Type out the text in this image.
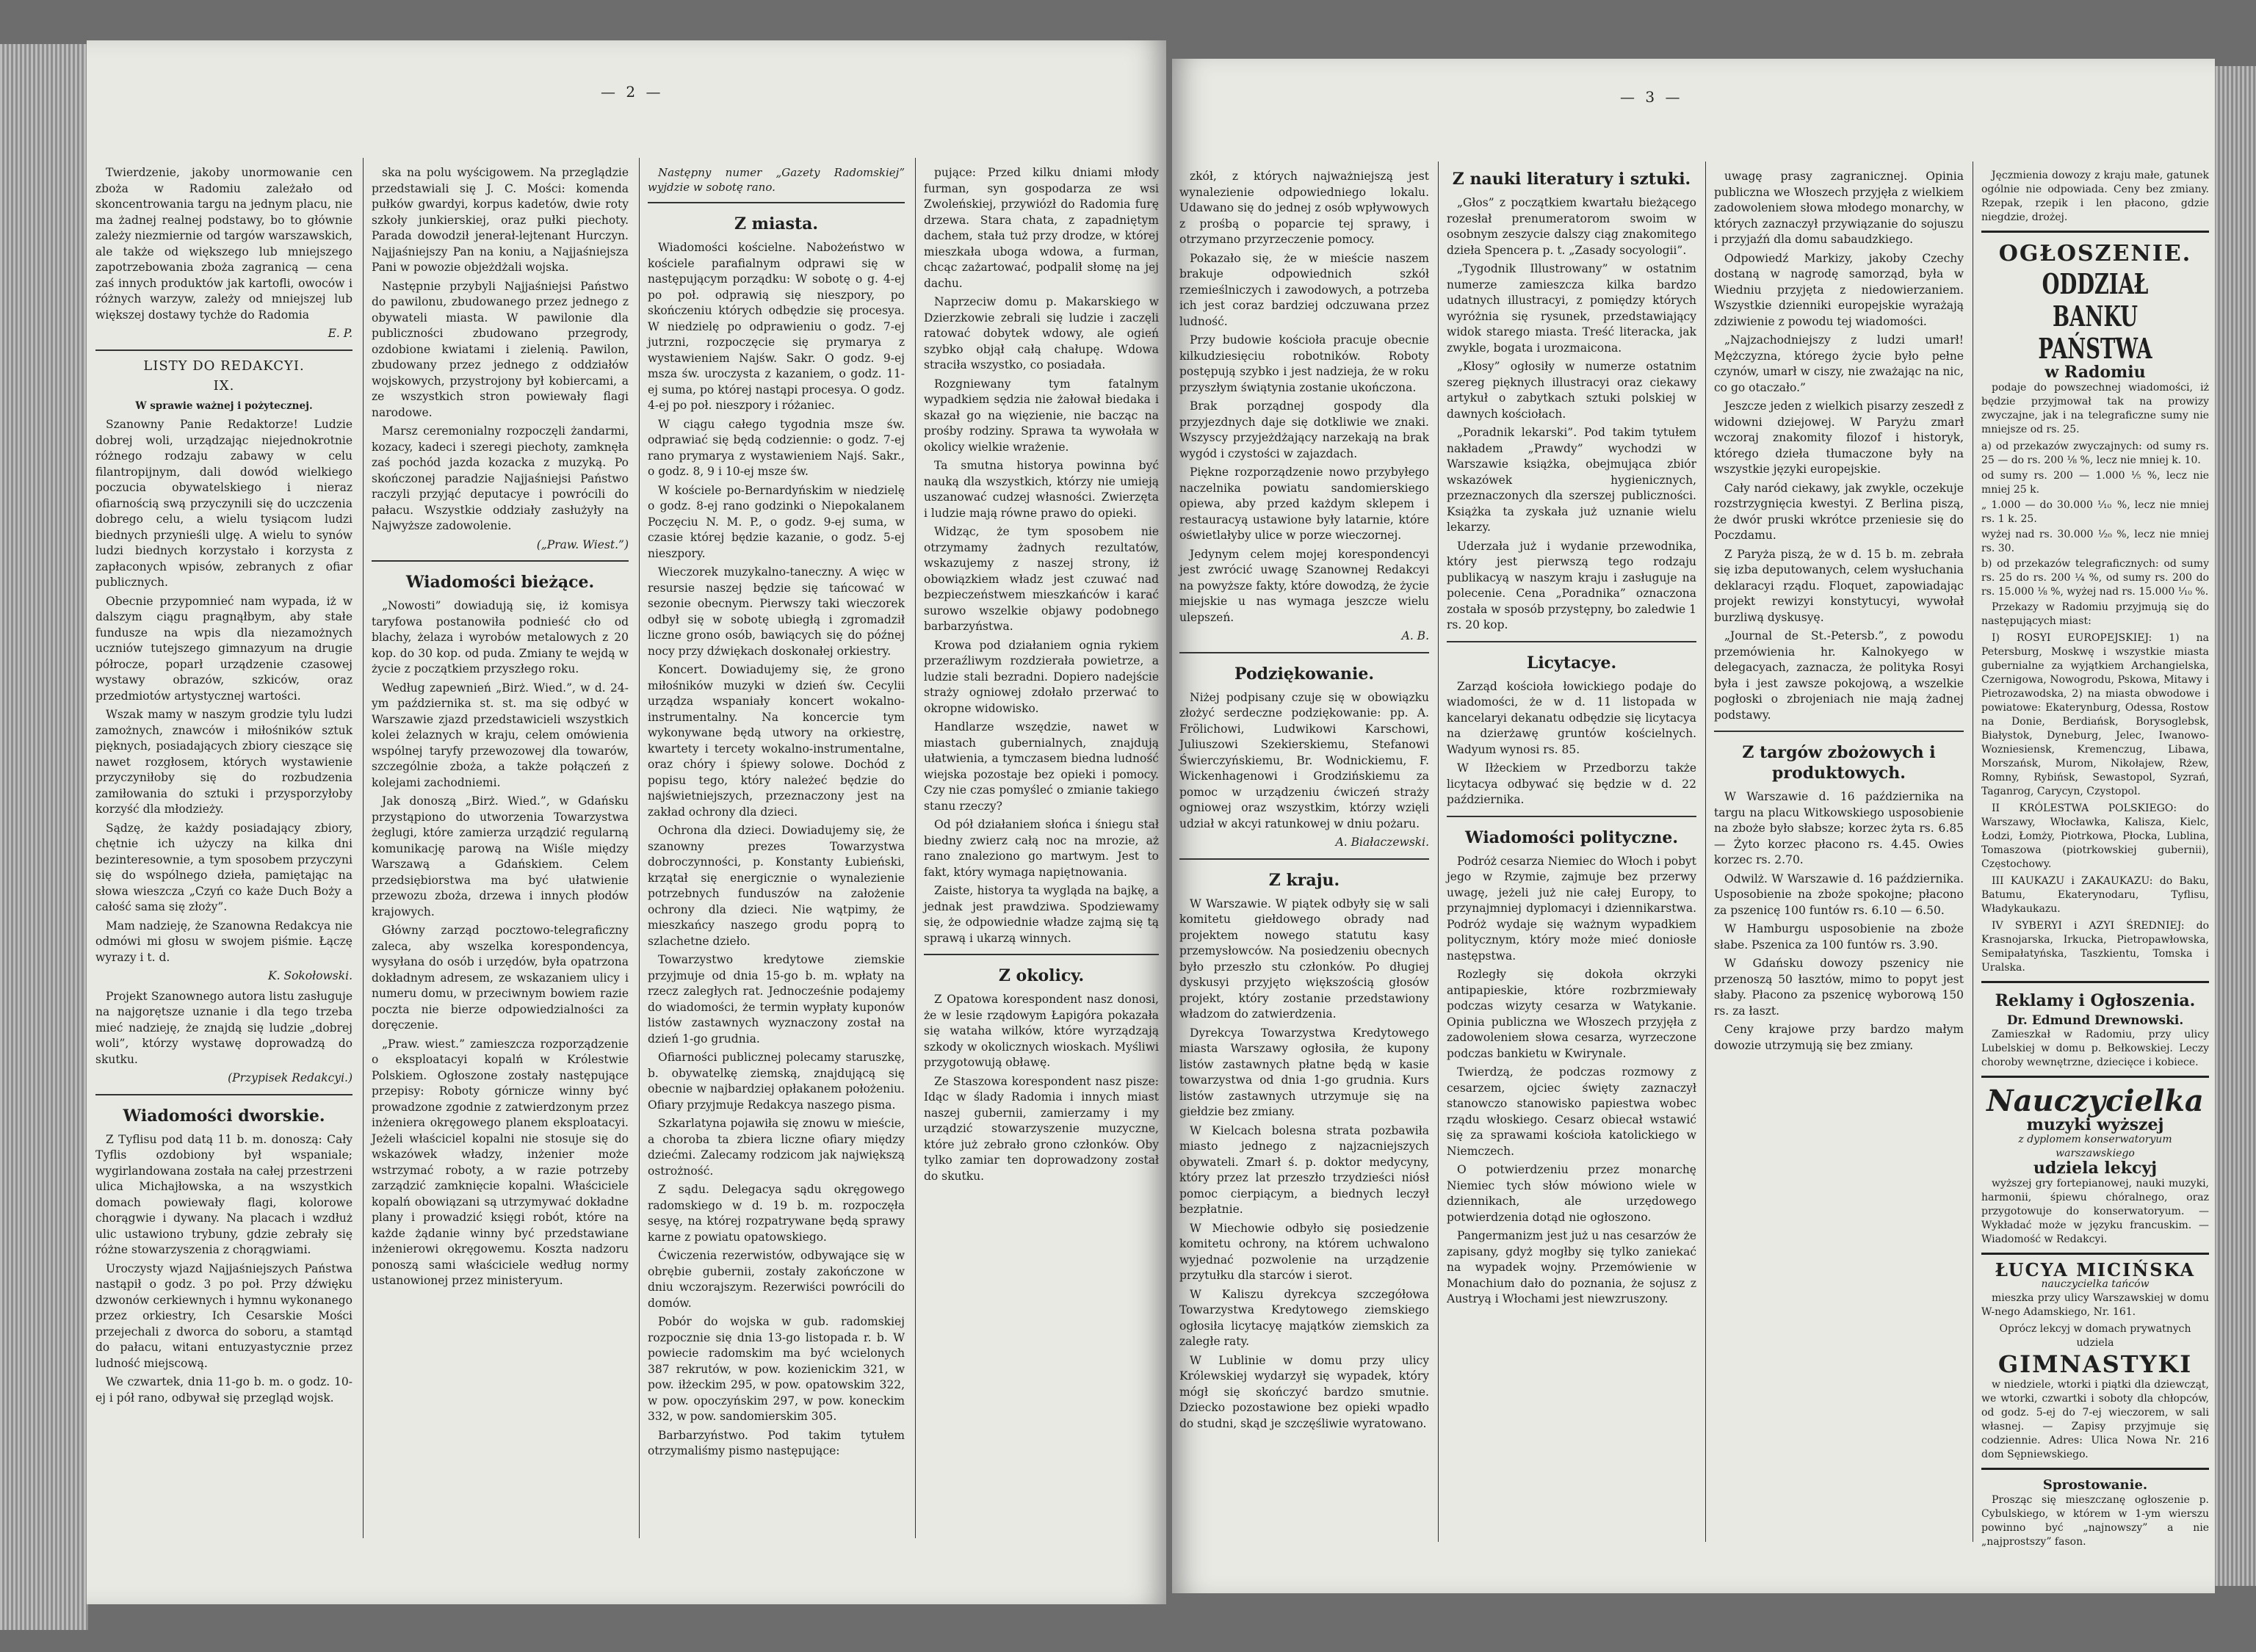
— 2 —

Twierdzenie, jakoby unormowanie cen zboża w Radomiu zależało od skoncentrowania targu na jednym placu, nie ma żadnej realnej podstawy, bo to głównie zależy niezmiernie od targów warszawskich, ale także od większego lub mniejszego zapotrzebowania zboża zagranicą — cena zaś innych produktów jak kartofli, owoców i różnych warzyw, zależy od mniejszej lub większej dostawy tychże do Radomia

E. P.
LISTY DO REDAKCYI.
IX.
W sprawie ważnej i pożytecznej.

Szanowny Panie Redaktorze! Ludzie dobrej woli, urządzając niejednokrotnie różnego rodzaju zabawy w celu filantropijnym, dali dowód wielkiego poczucia obywatelskiego i nieraz ofiarnością swą przyczynili się do uczczenia dobrego celu, a wielu tysiącom ludzi biednych przynieśli ulgę. A wielu to synów ludzi biednych korzystało i korzysta z zapłaconych wpisów, zebranych z ofiar publicznych.

Obecnie przypomnieć nam wypada, iż w dalszym ciągu pragnąłbym, aby stałe fundusze na wpis dla niezamożnych uczniów tutejszego gimnazyum na drugie półrocze, poparł urządzenie czasowej wystawy obrazów, szkiców, oraz przedmiotów artystycznej wartości.

Wszak mamy w naszym grodzie tylu ludzi zamożnych, znawców i miłośników sztuk pięknych, posiadających zbiory cieszące się nawet rozgłosem, których wystawienie przyczyniłoby się do rozbudzenia zamiłowania do sztuki i przysporzyłoby korzyść dla młodzieży.

Sądzę, że każdy posiadający zbiory, chętnie ich użyczy na kilka dni bezinteresownie, a tym sposobem przyczyni się do wspólnego dzieła, pamiętając na słowa wieszcza „Czyń co każe Duch Boży a całość sama się złoży”.

Mam nadzieję, że Szanowna Redakcya nie odmówi mi głosu w swojem piśmie. Łączę wyrazy i t. d.

K. Sokołowski.

Projekt Szanownego autora listu zasługuje na najgorętsze uznanie i dla tego trzeba mieć nadzieję, że znajdą się ludzie „dobrej woli”, którzy wystawę doprowadzą do skutku.

(Przypisek Redakcyi.)
Wiadomości dworskie.

Z Tyflisu pod datą 11 b. m. donoszą: Cały Tyflis ozdobiony był wspaniale; wygirlandowana została na całej przestrzeni ulica Michajłowska, a na wszystkich domach powiewały flagi, kolorowe chorągwie i dywany. Na placach i wzdłuż ulic ustawiono trybuny, gdzie zebrały się różne stowarzyszenia z chorągwiami.

Uroczysty wjazd Najjaśniejszych Państwa nastąpił o godz. 3 po poł. Przy dźwięku dzwonów cerkiewnych i hymnu wykonanego przez orkiestry, Ich Cesarskie Mości przejechali z dworca do soboru, a stamtąd do pałacu, witani entuzyastycznie przez ludność miejscową.

We czwartek, dnia 11-go b. m. o godz. 10-ej i pół rano, odbywał się przegląd wojsk.

ska na polu wyścigowem. Na przeglądzie przedstawiali się J. C. Mości: komenda pułków gwardyi, korpus kadetów, dwie roty szkoły junkierskiej, oraz pułki piechoty. Parada dowodził jenerał-lejtenant Hurczyn. Najjaśniejszy Pan na koniu, a Najjaśniejsza Pani w powozie objeżdżali wojska.

Następnie przybyli Najjaśniejsi Państwo do pawilonu, zbudowanego przez jednego z obywateli miasta. W pawilonie dla publiczności zbudowano przegrody, ozdobione kwiatami i zielenią. Pawilon, zbudowany przez jednego z oddziałów wojskowych, przystrojony był kobiercami, a ze wszystkich stron powiewały flagi narodowe.

Marsz ceremonialny rozpoczęli żandarmi, kozacy, kadeci i szeregi piechoty, zamknęła zaś pochód jazda kozacka z muzyką. Po skończonej paradzie Najjaśniejsi Państwo raczyli przyjąć deputacye i powrócili do pałacu. Wszystkie oddziały zasłużyły na Najwyższe zadowolenie.

(„Praw. Wiest.”)
Wiadomości bieżące.

„Nowosti” dowiadują się, iż komisya taryfowa postanowiła podnieść cło od blachy, żelaza i wyrobów metalowych z 20 kop. do 30 kop. od puda. Zmiany te wejdą w życie z początkiem przyszłego roku.

Według zapewnień „Birż. Wied.”, w d. 24-ym października st. st. ma się odbyć w Warszawie zjazd przedstawicieli wszystkich kolei żelaznych w kraju, celem omówienia wspólnej taryfy przewozowej dla towarów, szczególnie zboża, a także połączeń z kolejami zachodniemi.

Jak donoszą „Birż. Wied.”, w Gdańsku przystąpiono do utworzenia Towarzystwa żeglugi, które zamierza urządzić regularną komunikację parową na Wiśle między Warszawą a Gdańskiem. Celem przedsiębiorstwa ma być ułatwienie przewozu zboża, drzewa i innych płodów krajowych.

Główny zarząd pocztowo-telegraficzny zaleca, aby wszelka korespondencya, wysyłana do osób i urzędów, była opatrzona dokładnym adresem, ze wskazaniem ulicy i numeru domu, w przeciwnym bowiem razie poczta nie bierze odpowiedzialności za doręczenie.

„Praw. wiest.” zamieszcza rozporządzenie o eksploatacyi kopalń w Królestwie Polskiem. Ogłoszone zostały następujące przepisy: Roboty górnicze winny być prowadzone zgodnie z zatwierdzonym przez inżeniera okręgowego planem eksploatacyi. Jeżeli właściciel kopalni nie stosuje się do wskazówek władzy, inżenier może wstrzymać roboty, a w razie potrzeby zarządzić zamknięcie kopalni. Właściciele kopalń obowiązani są utrzymywać dokładne plany i prowadzić księgi robót, które na każde żądanie winny być przedstawiane inżenierowi okręgowemu. Koszta nadzoru ponoszą sami właściciele według normy ustanowionej przez ministeryum.

Następny numer „Gazety Radomskiej” wyjdzie w sobotę rano.

Z miasta.

Wiadomości kościelne. Nabożeństwo w kościele parafialnym odprawi się w następującym porządku: W sobotę o g. 4-ej po poł. odprawią się nieszpory, po skończeniu których odbędzie się procesya. W niedzielę po odprawieniu o godz. 7-ej jutrzni, rozpoczęcie się prymarya z wystawieniem Najśw. Sakr. O godz. 9-ej msza św. uroczysta z kazaniem, o godz. 11-ej suma, po której nastąpi procesya. O godz. 4-ej po poł. nieszpory i różaniec.

W ciągu całego tygodnia msze św. odprawiać się będą codziennie: o godz. 7-ej rano prymarya z wystawieniem Najś. Sakr., o godz. 8, 9 i 10-ej msze św.

W kościele po-Bernardyńskim w niedzielę o godz. 8-ej rano godzinki o Niepokalanem Poczęciu N. M. P., o godz. 9-ej sumа, w czasie której będzie kazanie, o godz. 5-ej nieszpory.

Wieczorek muzykalno-taneczny. A więc w resursie naszej będzie się tańcować w sezonie obecnym. Pierwszy taki wieczorek odbył się w sobotę ubiegłą i zgromadził liczne grono osób, bawiących się do późnej nocy przy dźwiękach doskonałej orkiestry.

Koncert. Dowiadujemy się, że grono miłośników muzyki w dzień św. Cecylii urządza wspaniały koncert wokalno-instrumentalny. Na koncercie tym wykonywane będą utwory na orkiestrę, kwartety i tercety wokalno-instrumentalne, oraz chóry i śpiewy solowe. Dochód z popisu tego, który należeć będzie do najświetniejszych, przeznaczony jest na zakład ochrony dla dzieci.

Ochrona dla dzieci. Dowiadujemy się, że szanowny prezes Towarzystwa dobroczynności, p. Konstanty Łubieński, krzątał się energicznie o wynalezienie potrzebnych funduszów na założenie ochrony dla dzieci. Nie wątpimy, że mieszkańcy naszego grodu poprą to szlachetne dzieło.

Towarzystwo kredytowe ziemskie przyjmuje od dnia 15-go b. m. wpłaty na rzecz zaległych rat. Jednocześnie podajemy do wiadomości, że termin wypłaty kuponów listów zastawnych wyznaczony został na dzień 1-go grudnia.

Ofiarności publicznej polecamy staruszkę, b. obywatelkę ziemską, znajdującą się obecnie w najbardziej opłakanem położeniu. Ofiary przyjmuje Redakcya naszego pisma.

Szkarlatyna pojawiła się znowu w mieście, a choroba ta zbiera liczne ofiary między dziećmi. Zalecamy rodzicom jak największą ostrożność.

Z sądu. Delegacya sądu okręgowego radomskiego w d. 19 b. m. rozpoczęła sesyę, na której rozpatrywane będą sprawy karne z powiatu opatowskiego.

Ćwiczenia rezerwistów, odbywające się w obrębie gubernii, zostały zakończone w dniu wczorajszym. Rezerwiści powrócili do domów.

Pobór do wojska w gub. radomskiej rozpocznie się dnia 13-go listopada r. b. W powiecie radomskim ma być wcielonych 387 rekrutów, w pow. kozienickim 321, w pow. iłżeckim 295, w pow. opatowskim 322, w pow. opoczyńskim 297, w pow. koneckim 332, w pow. sandomierskim 305.

Barbarzyństwo. Pod takim tytułem otrzymaliśmy pismo następujące:

pujące: Przed kilku dniami młody furman, syn gospodarza ze wsi Zwoleńskiej, przywiózł do Radomia furę drzewa. Stara chata, z zapadniętym dachem, stała tuż przy drodze, w której mieszkała uboga wdowa, a furman, chcąc zażartować, podpalił słomę na jej dachu.

Naprzeciw domu p. Makarskiego w Dzierzkowie zebrali się ludzie i zaczęli ratować dobytek wdowy, ale ogień szybko objął całą chałupę. Wdowa straciła wszystko, co posiadała.

Rozgniewany tym fatalnym wypadkiem sędzia nie żałował biedaka i skazał go na więzienie, nie bacząc na prośby rodziny. Sprawa ta wywołała w okolicy wielkie wrażenie.

Ta smutna historya powinna być nauką dla wszystkich, którzy nie umieją uszanować cudzej własności. Zwierzęta i ludzie mają równe prawo do opieki.

Widząc, że tym sposobem nie otrzymamy żadnych rezultatów, wskazujemy z naszej strony, iż obowiązkiem władz jest czuwać nad bezpieczeństwem mieszkańców i karać surowo wszelkie objawy podobnego barbarzyństwa.

Krowa pod działaniem ognia rykiem przeraźliwym rozdzierała powietrze, a ludzie stali bezradni. Dopiero nadejście straży ogniowej zdołało przerwać to okropne widowisko.

Handlarze wszędzie, nawet w miastach gubernialnych, znajdują ułatwienia, a tymczasem biedna ludność wiejska pozostaje bez opieki i pomocy. Czy nie czas pomyśleć o zmianie takiego stanu rzeczy?

Od pół działaniem słońca i śniegu stał biedny zwierz całą noc na mrozie, aż rano znaleziono go martwym. Jest to fakt, który wymaga napiętnowania.

Zaiste, historya ta wygląda na bajkę, a jednak jest prawdziwa. Spodziewamy się, że odpowiednie władze zajmą się tą sprawą i ukarzą winnych.

Z okolicy.

Z Opatowa korespondent nasz donosi, że w lesie rządowym Łapigóra pokazała się wataha wilków, które wyrządzają szkody w okolicznych wioskach. Myśliwi przygotowują obławę.

Ze Staszowa korespondent nasz pisze: Idąc w ślady Radomia i innych miast naszej gubernii, zamierzamy i my urządzić stowarzyszenie muzyczne, które już zebrało grono członków. Oby tylko zamiar ten doprowadzony został do skutku.

— 3 —

zkół, z których najważniejszą jest wynalezienie odpowiedniego lokalu. Udawano się do jednej z osób wpływowych z prośbą o poparcie tej sprawy, i otrzymano przyrzeczenie pomocy.

Pokazało się, że w mieście naszem brakuje odpowiednich szkół rzemieślniczych i zawodowych, a potrzeba ich jest coraz bardziej odczuwana przez ludność.

Przy budowie kościoła pracuje obecnie kilkudziesięciu robotników. Roboty postępują szybko i jest nadzieja, że w roku przyszłym świątynia zostanie ukończona.

Brak porządnej gospody dla przyjezdnych daje się dotkliwie we znaki. Wszyscy przyjeżdżający narzekają na brak wygód i czystości w zajazdach.

Piękne rozporządzenie nowo przybyłego naczelnika powiatu sandomierskiego opiewa, aby przed każdym sklepem i restauracyą ustawione były latarnie, które oświetlałyby ulice w porze wieczornej.

Jedynym celem mojej korespondencyi jest zwrócić uwagę Szanownej Redakcyi na powyższe fakty, które dowodzą, że życie miejskie u nas wymaga jeszcze wielu ulepszeń.

A. B.
Podziękowanie.

Niżej podpisany czuje się w obowiązku złożyć serdeczne podziękowanie: pp. A. Frölichowi, Ludwikowi Karschowi, Juliuszowi Szekierskiemu, Stefanowi Świerczyńskiemu, Br. Wodnickiemu, F. Wickenhagenowi i Grodzińskiemu za pomoc w urządzeniu ćwiczeń straży ogniowej oraz wszystkim, którzy wzięli udział w akcyi ratunkowej w dniu pożaru.

A. Białaczewski.
Z kraju.

W Warszawie. W piątek odbyły się w sali komitetu giełdowego obrady nad projektem nowego statutu kasy przemysłowców. Na posiedzeniu obecnych było przeszło stu członków. Po długiej dyskusyi przyjęto większością głosów projekt, który zostanie przedstawiony władzom do zatwierdzenia.

Dyrekcya Towarzystwa Kredytowego miasta Warszawy ogłosiła, że kupony listów zastawnych płatne będą w kasie towarzystwa od dnia 1-go grudnia. Kurs listów zastawnych utrzymuje się na giełdzie bez zmiany.

W Kielcach bolesna strata pozbawiła miasto jednego z najzacniejszych obywateli. Zmarł ś. p. doktor medycyny, który przez lat przeszło trzydzieści niósł pomoc cierpiącym, a biednych leczył bezpłatnie.

W Miechowie odbyło się posiedzenie komitetu ochrony, na którem uchwalono wyjednać pozwolenie na urządzenie przytułku dla starców i sierot.

W Kaliszu dyrekcya szczegółowa Towarzystwa Kredytowego ziemskiego ogłosiła licytacyę majątków ziemskich za zaległe raty.

W Lublinie w domu przy ulicy Królewskiej wydarzył się wypadek, który mógł się skończyć bardzo smutnie. Dziecko pozostawione bez opieki wpadło do studni, skąd je szczęśliwie wyratowano.

Z nauki literatury i sztuki.

„Głos” z początkiem kwartału bieżącego rozesłał prenumeratorom swoim w osobnym zeszycie dalszy ciąg znakomitego dzieła Spencera p. t. „Zasady socyologii”.

„Tygodnik Illustrowany” w ostatnim numerze zamieszcza kilka bardzo udatnych illustracyi, z pomiędzy których wyróżnia się rysunek, przedstawiający widok starego miasta. Treść literacka, jak zwykle, bogata i urozmaicona.

„Kłosy” ogłosiły w numerze ostatnim szereg pięknych illustracyi oraz ciekawy artykuł o zabytkach sztuki polskiej w dawnych kościołach.

„Poradnik lekarski”. Pod takim tytułem nakładem „Prawdy” wychodzi w Warszawie książka, obejmująca zbiór wskazówek hygienicznych, przeznaczonych dla szerszej publiczności. Książka ta zyskała już uznanie wielu lekarzy.

Uderzała już i wydanie przewodnika, który jest pierwszą tego rodzaju publikacyą w naszym kraju i zasługuje na polecenie. Cena „Poradnika” oznaczona została w sposób przystępny, bo zaledwie 1 rs. 20 kop.

Licytacye.

Zarząd kościoła łowickiego podaje do wiadomości, że w d. 11 listopada w kancelaryi dekanatu odbędzie się licytacya na dzierżawę gruntów kościelnych. Wadyum wynosi rs. 85.

W Iłżeckiem w Przedborzu także licytacya odbywać się będzie w d. 22 października.

Wiadomości polityczne.

Podróż cesarza Niemiec do Włoch i pobyt jego w Rzymie, zajmuje bez przerwy uwagę, jeżeli już nie całej Europy, to przynajmniej dyplomacyi i dziennikarstwa. Podróż wydaje się ważnym wypadkiem politycznym, który może mieć doniosłe następstwa.

Rozległy się dokoła okrzyki antipapieskie, które rozbrzmiewały podczas wizyty cesarza w Watykanie. Opinia publiczna we Włoszech przyjęła z zadowoleniem słowa cesarza, wyrzeczone podczas bankietu w Kwirynale.

Twierdzą, że podczas rozmowy z cesarzem, ojciec święty zaznaczył stanowczo stanowisko papiestwa wobec rządu włoskiego. Cesarz obiecał wstawić się za sprawami kościoła katolickiego w Niemczech.

O potwierdzeniu przez monarchę Niemiec tych słów mówiono wiele w dziennikach, ale urzędowego potwierdzenia dotąd nie ogłoszono.

Pangermanizm jest już u nas cesarzów że zapisany, gdyż mogłby się tylko zaniekać na wypadek wojny. Przemówienie w Monachium dało do poznania, że sojusz z Austryą i Włochami jest niewzruszony.

uwagę prasy zagranicznej. Opinia publiczna we Włoszech przyjęła z wielkiem zadowoleniem słowa młodego monarchy, w których zaznaczył przywiązanie do sojuszu i przyjaźń dla domu sabaudzkiego.

Odpowiedź Markizy, jakoby Czechy dostaną w nagrodę samorząd, była w Wiedniu przyjęta z niedowierzaniem. Wszystkie dzienniki europejskie wyrażają zdziwienie z powodu tej wiadomości.

„Najzachodniejszy z ludzi umarł! Mężczyzna, którego życie było pełne czynów, umarł w ciszy, nie zważając na nic, co go otaczało.”

Jeszcze jeden z wielkich pisarzy zeszedł z widowni dziejowej. W Paryżu zmarł wczoraj znakomity filozof i historyk, którego dzieła tłumaczone były na wszystkie języki europejskie.

Cały naród ciekawy, jak zwykle, oczekuje rozstrzygnięcia kwestyi. Z Berlina piszą, że dwór pruski wkrótce przeniesie się do Poczdamu.

Z Paryża piszą, że w d. 15 b. m. zebrała się izba deputowanych, celem wysłuchania deklaracyi rządu. Floquet, zapowiadając projekt rewizyi konstytucyi, wywołał burzliwą dyskusyę.

„Journal de St.-Petersb.”, z powodu przemówienia hr. Kalnokyego w delegacyach, zaznacza, że polityka Rosyi była i jest zawsze pokojową, a wszelkie pogłoski o zbrojeniach nie mają żadnej podstawy.

Z targów zbożowych i produktowych.

W Warszawie d. 16 października na targu na placu Witkowskiego usposobienie na zboże było słabsze; korzec żyta rs. 6.85 — Żyto korzec płacono rs. 4.45. Owies korzec rs. 2.70.

Odwilż. W Warszawie d. 16 października. Usposobienie na zboże spokojne; płacono za pszenicę 100 funtów rs. 6.10 — 6.50.

W Hamburgu usposobienie na zboże słabe. Pszenica za 100 funtów rs. 3.90.

W Gdańsku dowozy pszenicy nie przenoszą 50 łasztów, mimo to popyt jest słaby. Płacono za pszenicę wyborową 150 rs. za łaszt.

Ceny krajowe przy bardzo małym dowozie utrzymują się bez zmiany.

Jęczmienia dowozy z kraju małe, gatunek ogólnie nie odpowiada. Ceny bez zmiany. Rzepak, rzepik i len płacono, gdzie niegdzie, drożej.

OGŁOSZENIE.
ODDZIAŁ BANKU PAŃSTWA
w Radomiu

podaje do powszechnej wiadomości, iż będzie przyjmował tak na prowizy zwyczajne, jak i na telegraficzne sumy nie mniejsze od rs. 25.

a) od przekazów zwyczajnych: od sumy rs. 25 — do rs. 200 ⅛ %, lecz nie mniej k. 10.
od sumy rs. 200 — 1.000 ⅕ %, lecz nie mniej 25 k.
„ 1.000 — do 30.000 ⅒ %, lecz nie mniej rs. 1 k. 25.
wyżej nad rs. 30.000 ¹⁄₂₀ %, lecz nie mniej rs. 30.
b) od przekazów telegraficznych: od sumy rs. 25 do rs. 200 ¼ %, od sumy rs. 200 do rs. 15.000 ⅛ %, wyżej nad rs. 15.000 ⅒ %.

Przekazy w Radomiu przyjmują się do następujących miast:

I) ROSYI EUROPEJSKIEJ: 1) na Petersburg, Moskwę i wszystkie miasta gubernialne za wyjątkiem Archangielska, Czernigowa, Nowogrodu, Pskowa, Mitawy i Pietrozawodska, 2) na miasta obwodowe i powiatowe: Ekaterynburg, Odessa, Rostow na Donie, Berdiańsk, Borysoglebsk, Białystok, Dyneburg, Jelec, Iwanowo-Wozniesiensk, Kremenczug, Libawa, Morszańsk, Murom, Nikołajew, Rżew, Romny, Rybińsk, Sewastopol, Syzrań, Taganrog, Carycyn, Czystopol.

II KRÓLESTWA POLSKIEGO: do Warszawy, Włocławka, Kalisza, Kielc, Łodzi, Łomży, Piotrkowa, Płocka, Lublina, Tomaszowa (piotrkowskiej gubernii), Częstochowy.

III KAUKAZU i ZAKAUKAZU: do Baku, Batumu, Ekaterynodaru, Tyflisu, Władykaukazu.

IV SYBERYI i AZYI ŚREDNIEJ: do Krasnojarska, Irkucka, Pietropawłowska, Semipałatyńska, Taszkientu, Tomska i Uralska.

Reklamy i Ogłoszenia.
Dr. Edmund Drewnowski.

Zamieszkał w Radomiu, przy ulicy Lubelskiej w domu p. Bełkowskiej. Leczy choroby wewnętrzne, dziecięce i kobiece.

Nauczycielka
muzyki wyższej
z dyplomem konserwatoryum warszawskiego
udziela lekcyj

wyższej gry fortepianowej, nauki muzyki, harmonii, śpiewu chóralnego, oraz przygotowuje do konserwatoryum. — Wykładać może w języku francuskim. — Wiadomość w Redakcyi.

ŁUCYA MICIŃSKA
nauczycielka tańców

mieszka przy ulicy Warszawskiej w domu W-nego Adamskiego, Nr. 161.

Oprócz lekcyj w domach prywatnych udziela
GIMNASTYKI

w niedziele, wtorki i piątki dla dziewcząt, we wtorki, czwartki i soboty dla chłopców, od godz. 5-ej do 7-ej wieczorem, w sali własnej. — Zapisy przyjmuje się codziennie. Adres: Ulica Nowa Nr. 216 dom Sępniewskiego.

Sprostowanie.

Prosząc się mieszczanę ogłoszenie p. Cybulskiego, w którem w 1-ym wierszu powinno być „najnowszy” a nie „najprostszy” fason.
